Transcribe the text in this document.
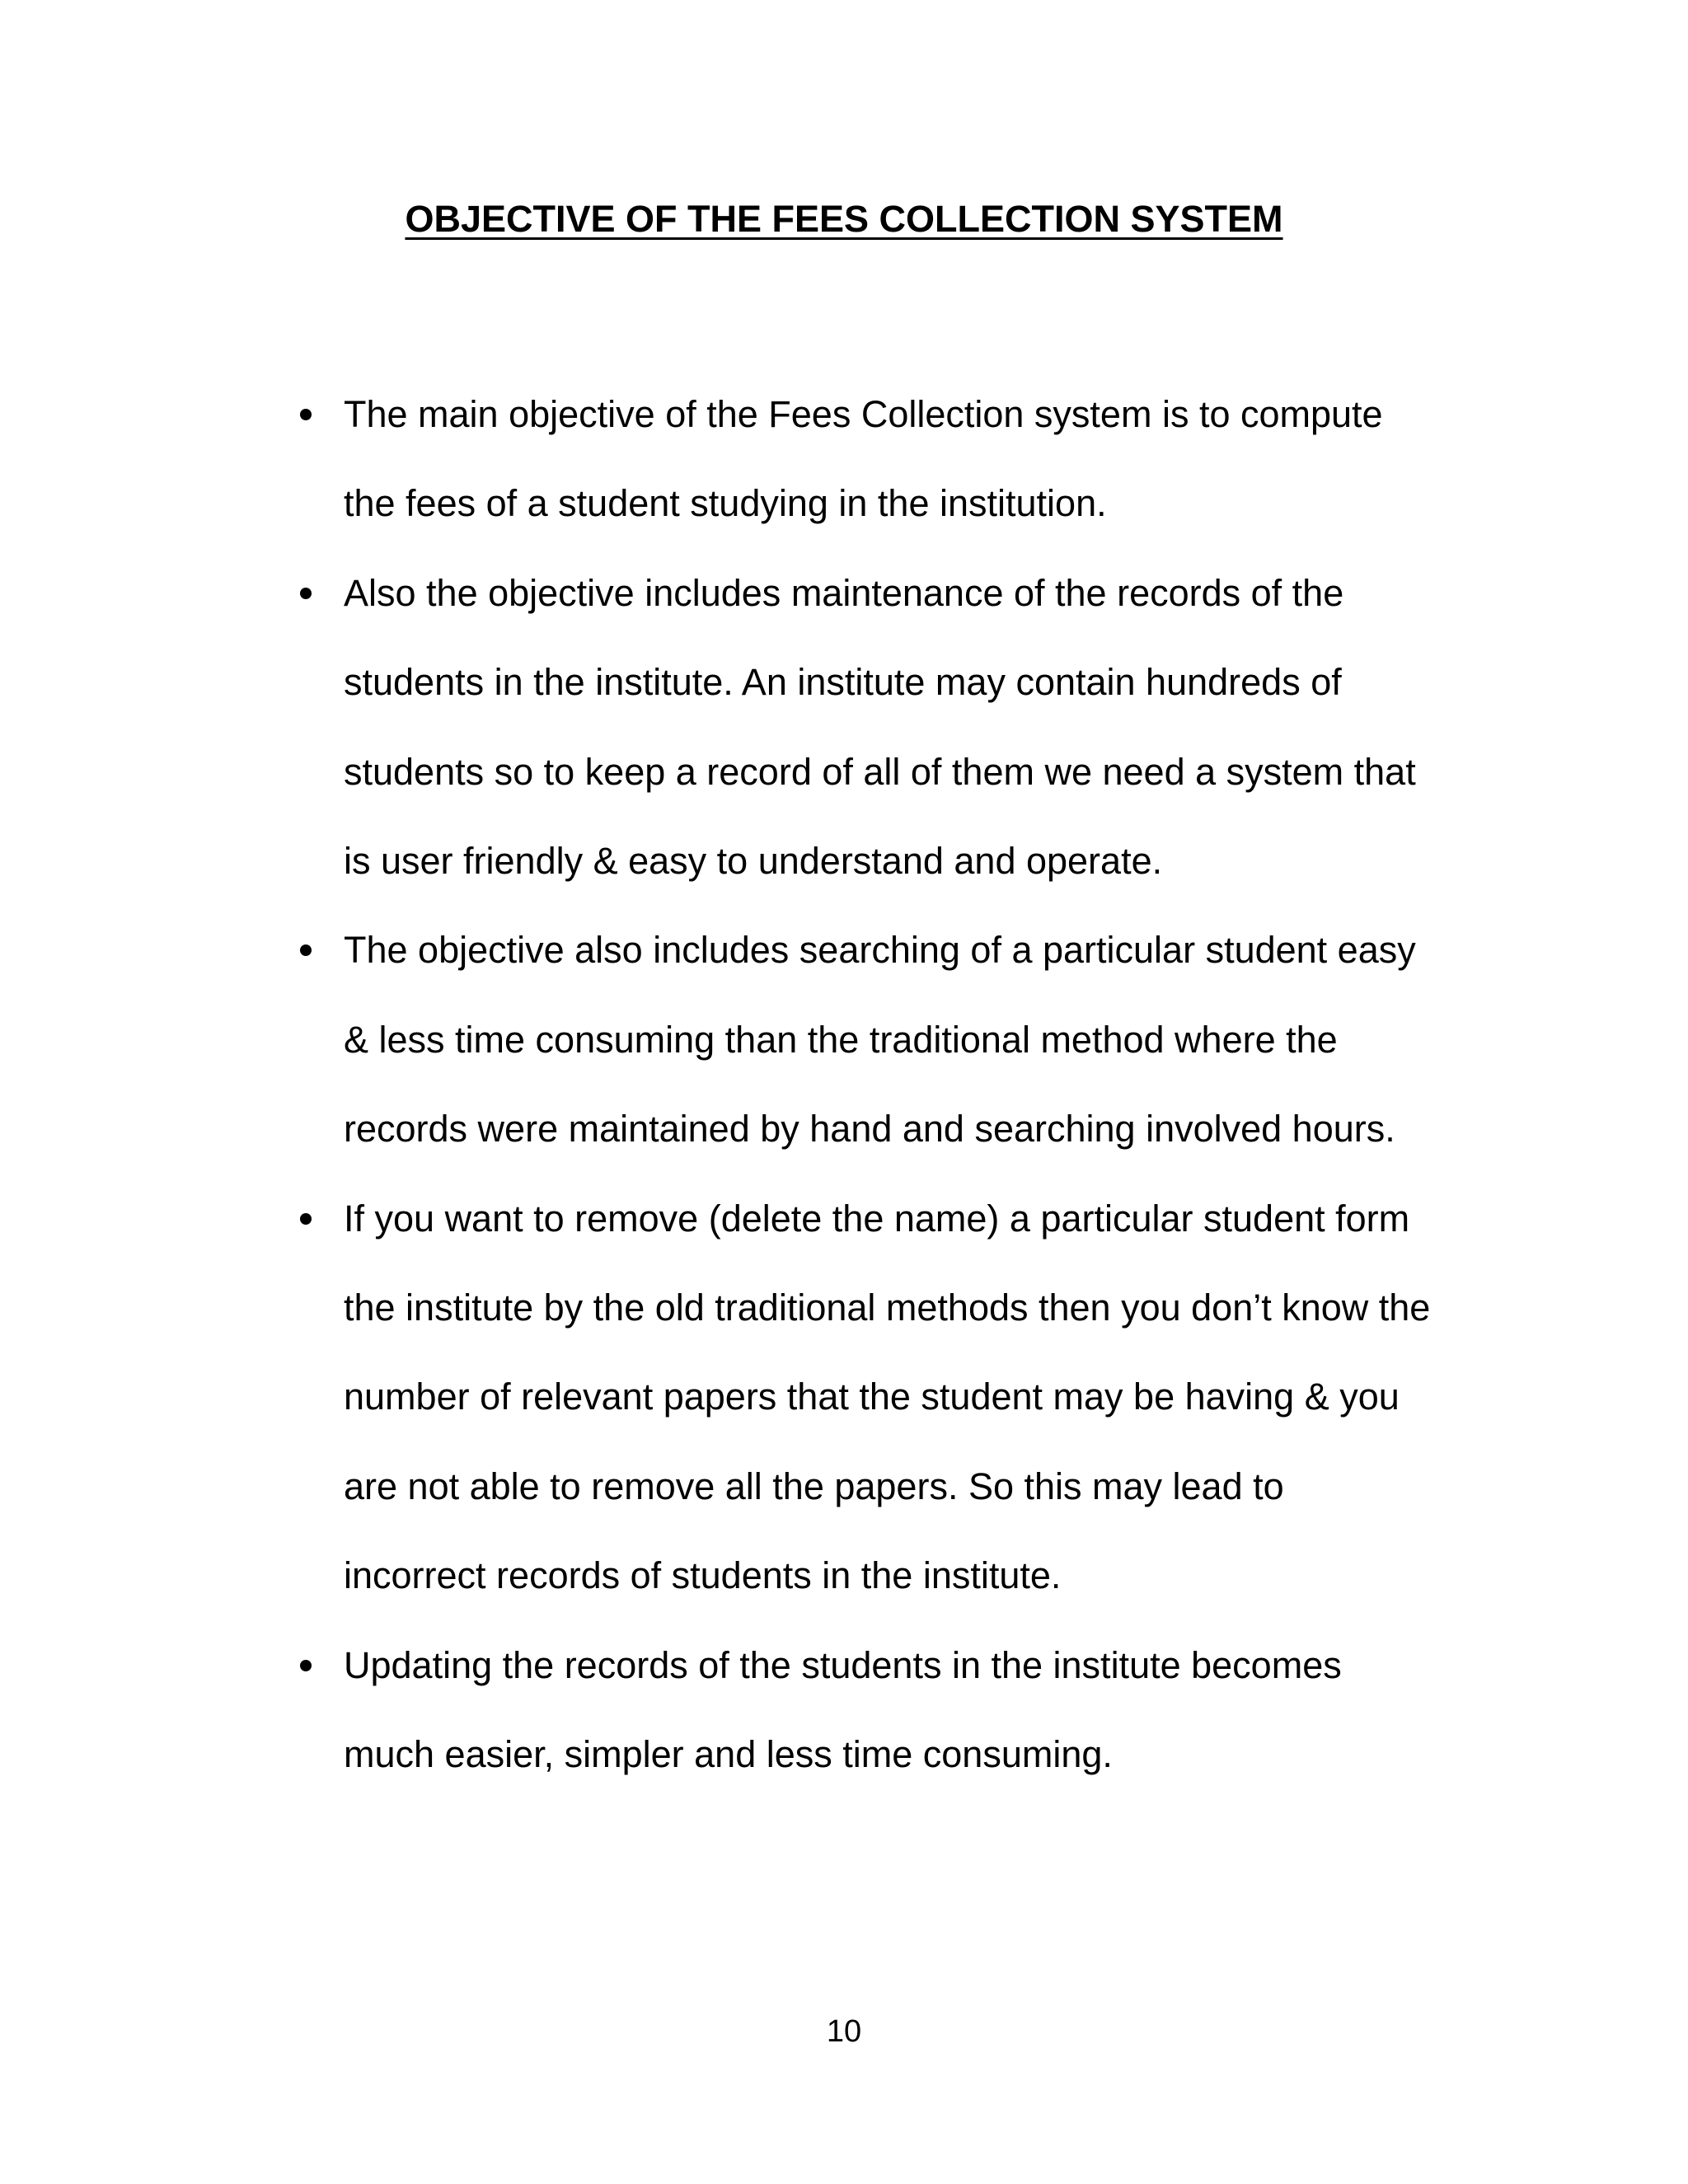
OBJECTIVE OF THE FEES COLLECTION SYSTEM
The main objective of the Fees Collection system is to compute the fees of a student studying in the institution.
Also the objective includes maintenance of the records of the students in the institute. An institute may contain hundreds of students so to keep a record of all of them we need a system that is user friendly & easy to understand and operate.
The objective also includes searching of a particular student easy & less time consuming than the traditional method where the records were maintained by hand and searching involved hours.
If you want to remove (delete the name) a particular student form the institute by the old traditional methods then you don’t know the number of relevant papers that the student may be having & you are not able to remove all the papers. So this may lead to incorrect records of students in the institute.
Updating the records of the students in the institute becomes much easier, simpler and less time consuming.
10
